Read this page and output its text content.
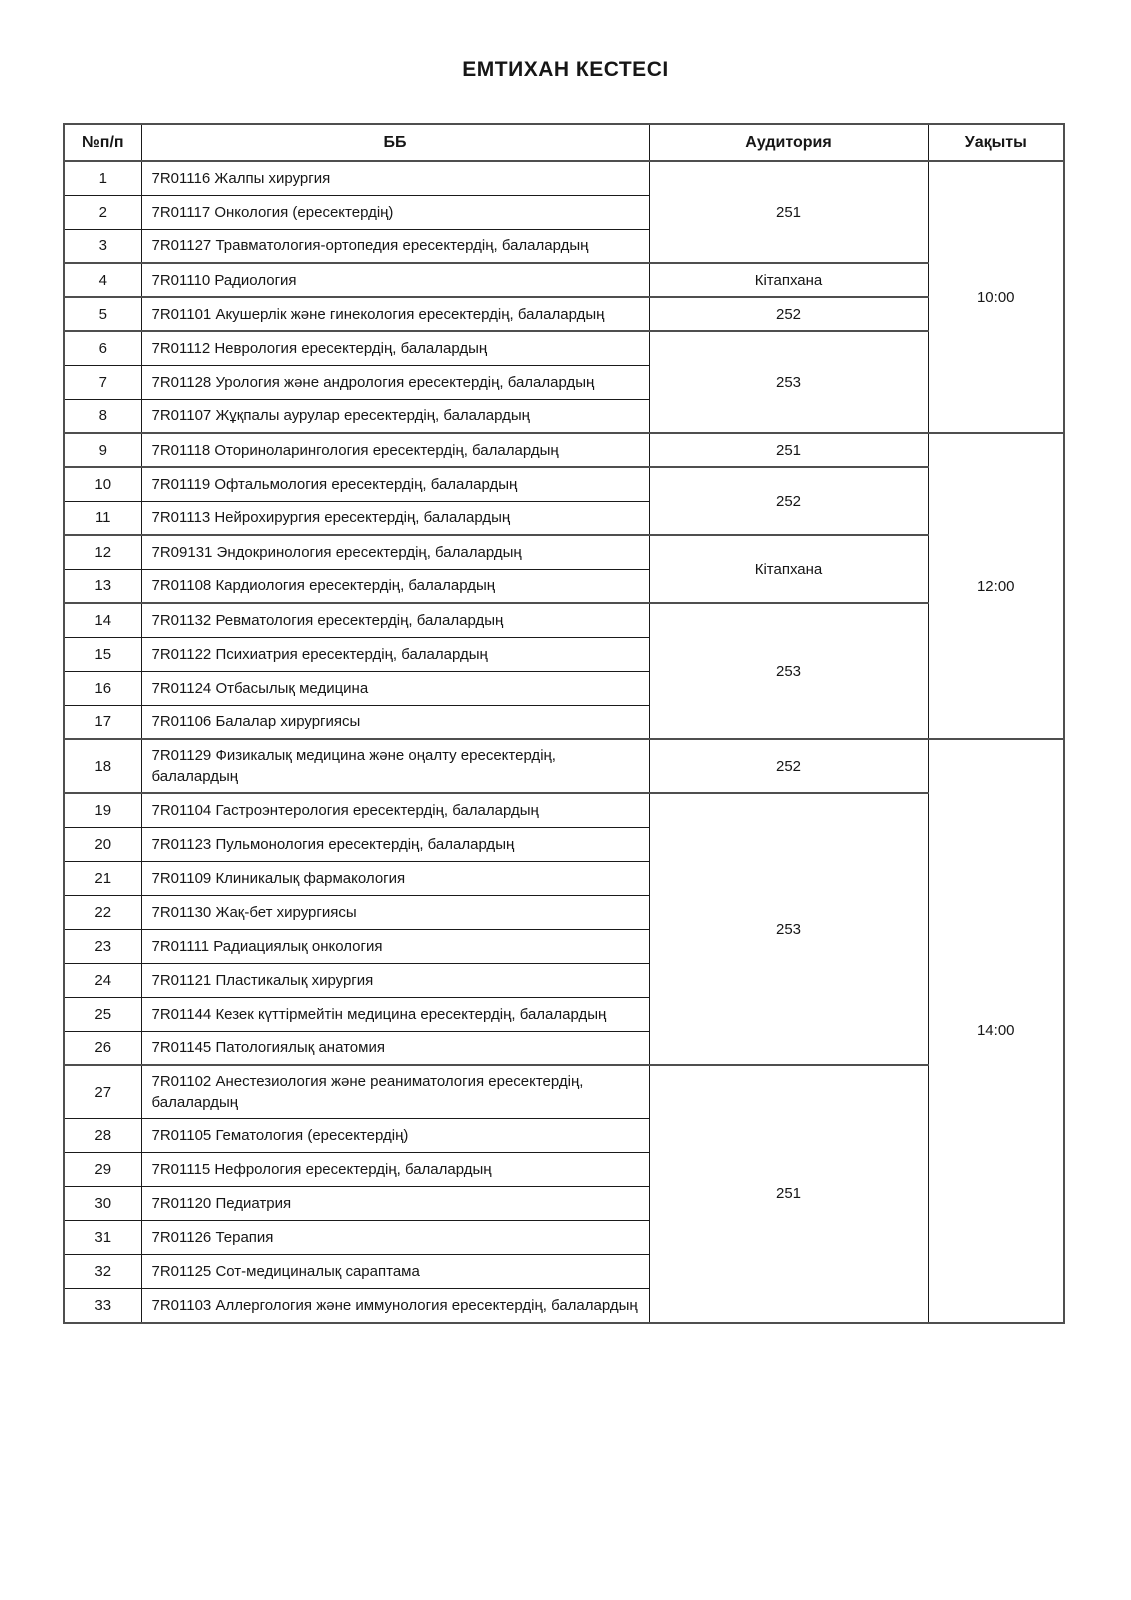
ЕМТИХАН КЕСТЕСІ
№п/п	ББ	Аудитория	Уақыты
1	7R01116 Жалпы хирургия	251	10:00
2	7R01117 Онкология (ересектердің)		
3	7R01127 Травматология-ортопедия ересектердің, балалардың		
4	7R01110 Радиология	Кітапхана	
5	7R01101 Акушерлік және гинекология ересектердің, балалардың	252	
6	7R01112 Неврология ересектердің, балалардың	253	
7	7R01128 Урология және андрология ересектердің, балалардың		
8	7R01107 Жұқпалы аурулар ересектердің, балалардың		
9	7R01118 Оториноларингология ересектердің, балалардың	251	12:00
10	7R01119 Офтальмология ересектердің, балалардың	252	
11	7R01113 Нейрохирургия ересектердің, балалардың		
12	7R09131 Эндокринология ересектердің, балалардың	Кітапхана	
13	7R01108 Кардиология ересектердің, балалардың		
14	7R01132 Ревматология ересектердің, балалардың	253	
15	7R01122 Психиатрия ересектердің, балалардың		
16	7R01124 Отбасылық медицина		
17	7R01106 Балалар хирургиясы		
18	7R01129 Физикалық медицина және оңалту ересектердің, балалардың	252	14:00
19	7R01104 Гастроэнтерология ересектердің, балалардың	253	
20	7R01123 Пульмонология ересектердің, балалардың		
21	7R01109 Клиникалық фармакология		
22	7R01130 Жақ-бет хирургиясы		
23	7R01111 Радиациялық онкология		
24	7R01121 Пластикалық хирургия		
25	7R01144 Кезек күттірмейтін медицина ересектердің, балалардың		
26	7R01145 Патологиялық анатомия		
27	7R01102 Анестезиология және реаниматология ересектердің, балалардың	251	
28	7R01105 Гематология (ересектердің)		
29	7R01115 Нефрология ересектердің, балалардың		
30	7R01120 Педиатрия		
31	7R01126 Терапия		
32	7R01125 Сот-медициналық сараптама		
33	7R01103 Аллергология және иммунология ересектердің, балалардың		
